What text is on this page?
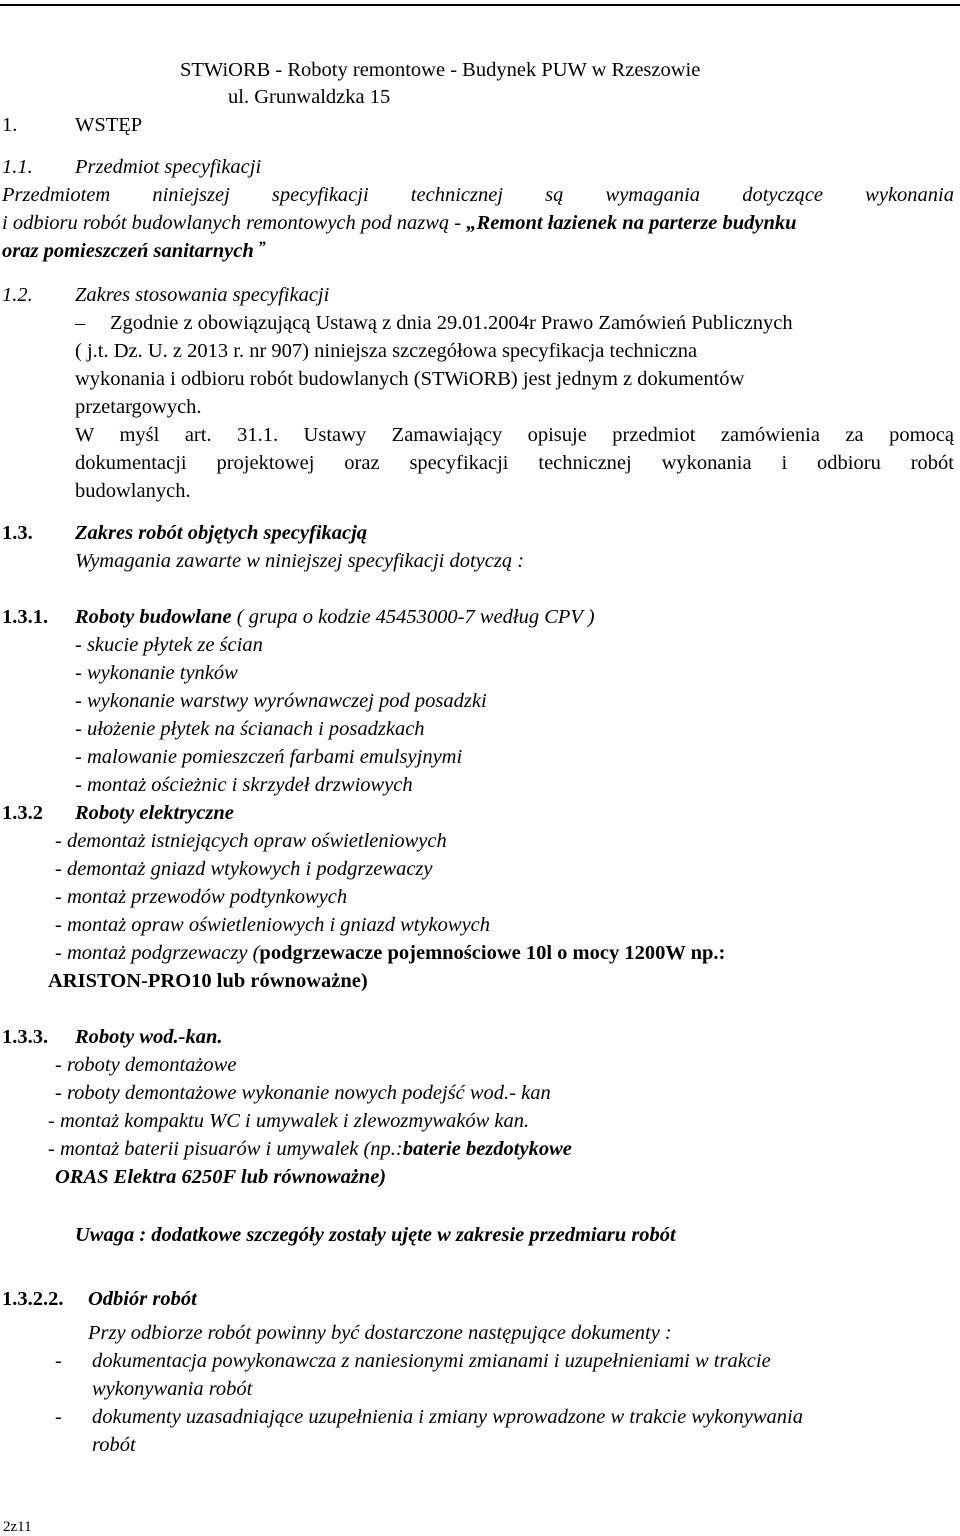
STWiORB - Roboty remontowe - Budynek PUW w Rzeszowie
ul. Grunwaldzka 15
1.	WSTĘP
1.1. Przedmiot specyfikacji
Przedmiotem niniejszej specyfikacji technicznej są wymagania dotyczące wykonania
i odbioru robót budowlanych remontowych pod nazwą - „Remont łazienek na parterze budynku
oraz pomieszczeń sanitarnych ”
1.2. Zakres stosowania specyfikacji
– Zgodnie z obowiązującą Ustawą z dnia 29.01.2004r Prawo Zamówień Publicznych
( j.t. Dz. U. z 2013 r. nr 907) niniejsza szczegółowa specyfikacja techniczna
wykonania i odbioru robót budowlanych (STWiORB) jest jednym z dokumentów
przetargowych.
W myśl art. 31.1. Ustawy Zamawiający opisuje przedmiot zamówienia za pomocą
dokumentacji projektowej oraz specyfikacji technicznej wykonania i odbioru robót
budowlanych.
1.3. Zakres robót objętych specyfikacją
Wymagania zawarte w niniejszej specyfikacji dotyczą :
1.3.1. Roboty budowlane ( grupa o kodzie 45453000-7 według CPV )
- skucie płytek ze ścian
- wykonanie tynków
- wykonanie warstwy wyrównawczej pod posadzki
- ułożenie płytek na ścianach i posadzkach
- malowanie pomieszczeń farbami emulsyjnymi
- montaż ościeżnic i skrzydeł drzwiowych
1.3.2 Roboty elektryczne
- demontaż istniejących opraw oświetleniowych
- demontaż gniazd wtykowych i podgrzewaczy
- montaż przewodów podtynkowych
- montaż opraw oświetleniowych i gniazd wtykowych
- montaż podgrzewaczy (podgrzewacze pojemnościowe 10l o mocy 1200W np.:
ARISTON-PRO10 lub równoważne)
1.3.3. Roboty wod.-kan.
- roboty demontażowe
- roboty demontażowe wykonanie nowych podejść wod.- kan
- montaż kompaktu WC i umywalek i zlewozmywaków kan.
- montaż baterii pisuarów i umywalek (np.:baterie bezdotykowe
ORAS Elektra 6250F lub równoważne)
Uwaga : dodatkowe szczegóły zostały ujęte w zakresie przedmiaru robót
1.3.2.2. Odbiór robót
Przy odbiorze robót powinny być dostarczone następujące dokumenty :
- dokumentacja powykonawcza z naniesionymi zmianami i uzupełnieniami w trakcie
wykonywania robót
- dokumenty uzasadniające uzupełnienia i zmiany wprowadzone w trakcie wykonywania
robót
2z11
